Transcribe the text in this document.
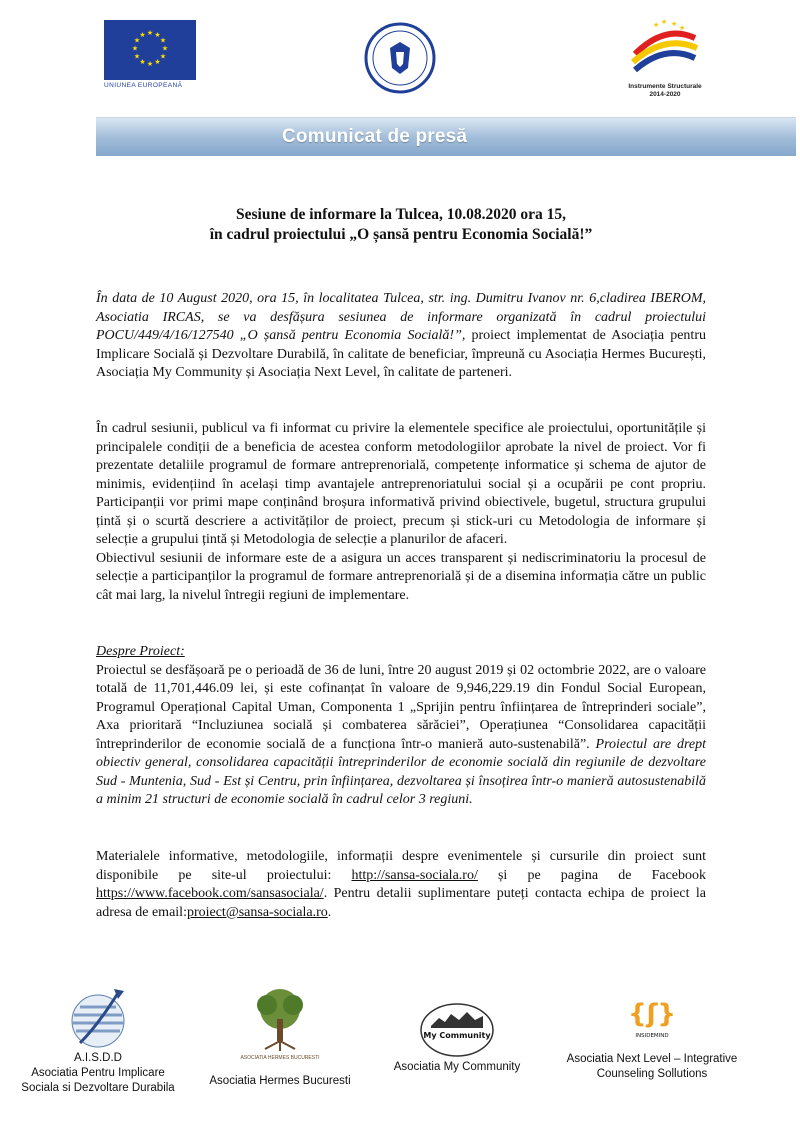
★ ★
★
★
★
★
★
★
★
★
★
★
UNIUNEA EUROPEANĂ
★ ★ ★
★
Instrumente Structurale
2014-2020
Comunicat de presă
Sesiune de informare la Tulcea, 10.08.2020 ora 15,
în cadrul proiectului „O șansă pentru Economia Socială!”

În data de 10 August 2020, ora 15, în localitatea Tulcea, str. ing. Dumitru Ivanov nr. 6,cladirea IBEROM, Asociatia IRCAS, se va desfășura sesiunea de informare organizată în cadrul proiectului POCU/449/4/16/127540 „O șansă pentru Economia Socială!”, proiect implementat de Asociația pentru Implicare Socială și Dezvoltare Durabilă, în calitate de beneficiar, împreună cu Asociația Hermes București, Asociația My Community și Asociația Next Level, în calitate de parteneri.

În cadrul sesiunii, publicul va fi informat cu privire la elementele specifice ale proiectului, oportunitățile și principalele condiții de a beneficia de acestea conform metodologiilor aprobate la nivel de proiect. Vor fi prezentate detaliile programul de formare antreprenorială, competențe informatice și schema de ajutor de minimis, evidențiind în același timp avantajele antreprenoriatului social și a ocupării pe cont propriu. Participanții vor primi mape conținând broșura informativă privind obiectivele, bugetul, structura grupului țintă și o scurtă descriere a activităților de proiect, precum și stick-uri cu Metodologia de informare și selecție a grupului țintă și Metodologia de selecție a planurilor de afaceri.

Obiectivul sesiunii de informare este de a asigura un acces transparent și nediscriminatoriu la procesul de selecție a participanților la programul de formare antreprenorială și de a disemina informația către un public cât mai larg, la nivelul întregii regiuni de implementare.

Despre Proiect:

Proiectul se desfășoară pe o perioadă de 36 de luni, între 20 august 2019 și 02 octombrie 2022, are o valoare totală de 11,701,446.09 lei, și este cofinanțat în valoare de 9,946,229.19 din Fondul Social European, Programul Operațional Capital Uman, Componenta 1 „Sprijin pentru înființarea de întreprinderi sociale”, Axa prioritară “Incluziunea socială și combaterea sărăciei”, Operațiunea “Consolidarea capacității întreprinderilor de economie socială de a funcționa într-o manieră auto-sustenabilă”. Proiectul are drept obiectiv general, consolidarea capacității întreprinderilor de economie socială din regiunile de dezvoltare Sud - Muntenia, Sud - Est și Centru, prin înființarea, dezvoltarea și însoțirea într-o manieră autosustenabilă a minim 21 structuri de economie socială în cadrul celor 3 regiuni.

Materialele informative, metodologiile, informații despre evenimentele și cursurile din proiect sunt disponibile pe site-ul proiectului: http://sansa-sociala.ro/ și pe pagina de Facebook https://www.facebook.com/sansasociala/. Pentru detalii suplimentare puteți contacta echipa de proiect la adresa de email:proiect@sansa-sociala.ro.

A.I.S.D.D
Asociatia Pentru Implicare
Sociala si Dezvoltare Durabila
ASOCIATIA HERMES BUCURESTI
Asociatia Hermes Bucuresti
My Community
Asociatia My Community
{ʃ}
INSIDEMIND
Asociatia Next Level – Integrative
Counseling Sollutions
